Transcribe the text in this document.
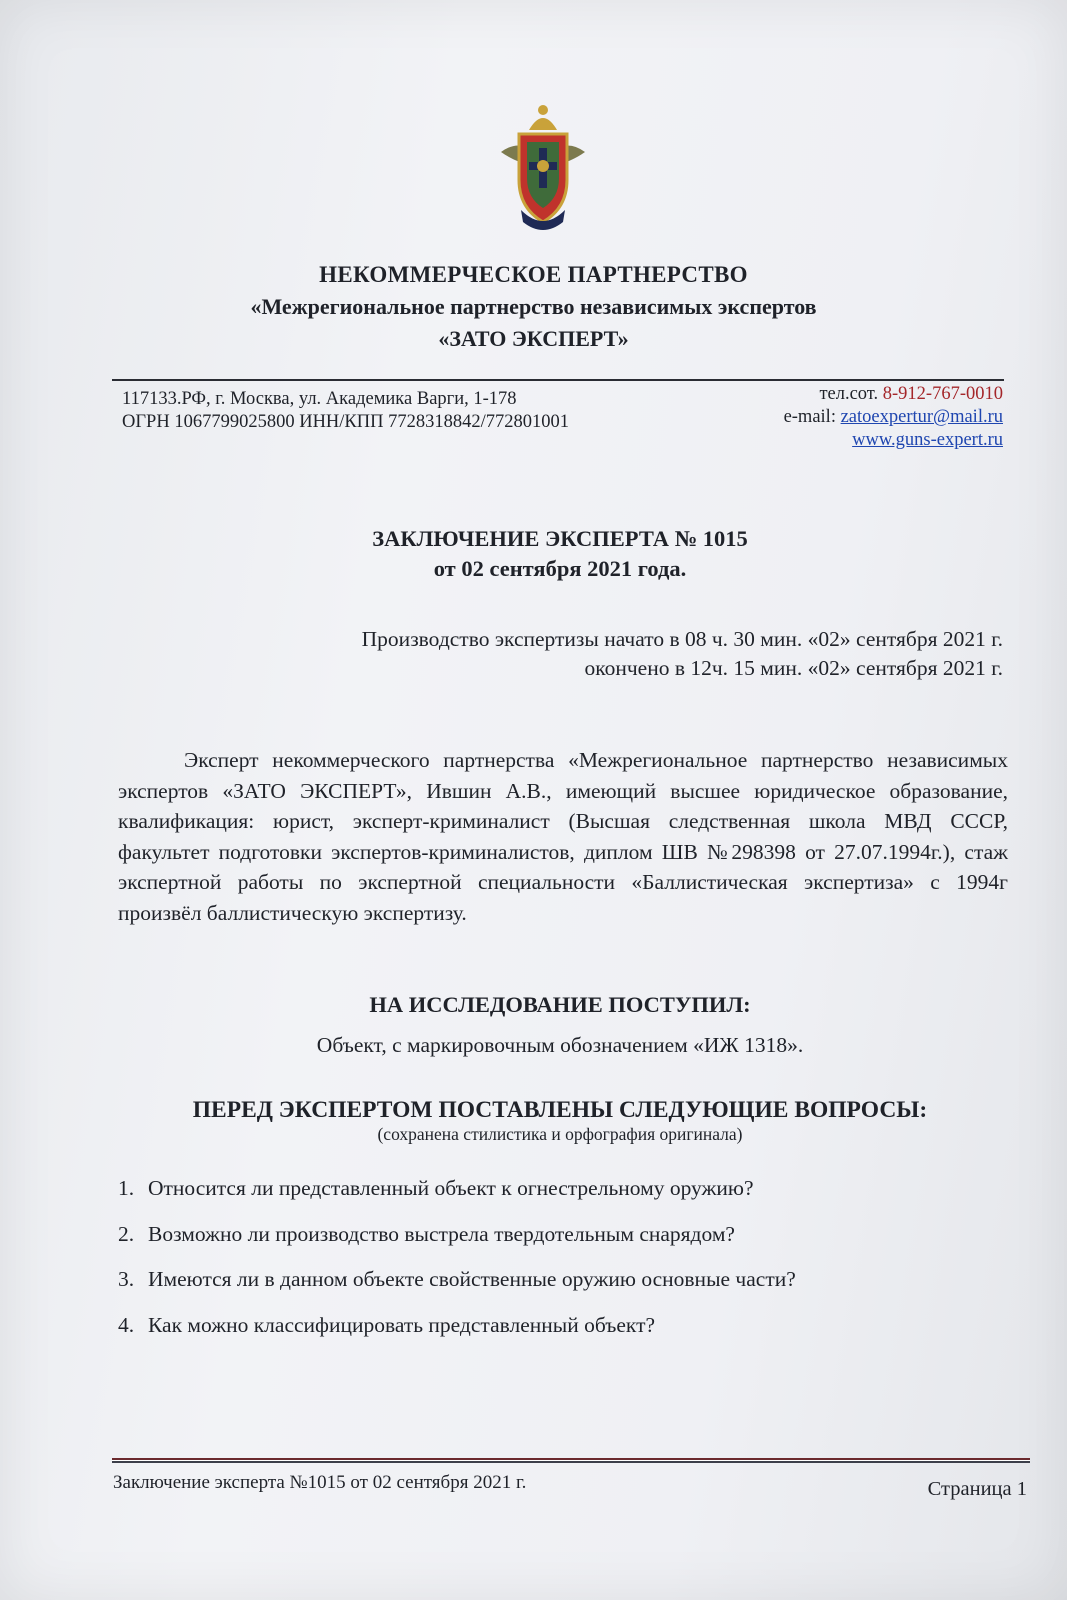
НЕКОММЕРЧЕСКОЕ ПАРТНЕРСТВО
«Межрегиональное партнерство независимых экспертов
«ЗАТО ЭКСПЕРТ»
117133.РФ, г. Москва, ул. Академика Варги, 1-178
ОГРН 1067799025800 ИНН/КПП 7728318842/772801001
тел.сот. 8-912-767-0010
e-mail: zatoexpertur@mail.ru
www.guns-expert.ru
ЗАКЛЮЧЕНИЕ ЭКСПЕРТА № 1015
от 02 сентября 2021 года.
Производство экспертизы начато в 08 ч. 30 мин. «02» сентября 2021 г.
окончено в 12ч. 15 мин. «02» сентября 2021 г.
Эксперт некоммерческого партнерства «Межрегиональное партнерство независимых экспертов «ЗАТО ЭКСПЕРТ», Ившин А.В., имеющий высшее юридическое образование, квалификация: юрист, эксперт-криминалист (Высшая следственная школа МВД СССР, факультет подготовки экспертов-криминалистов, диплом ШВ №298398 от 27.07.1994г.), стаж экспертной работы по экспертной специальности «Баллистическая экспертиза» с 1994г произвёл баллистическую экспертизу.
НА ИССЛЕДОВАНИЕ ПОСТУПИЛ:
Объект, с маркировочным обозначением «ИЖ 1318».
ПЕРЕД ЭКСПЕРТОМ ПОСТАВЛЕНЫ СЛЕДУЮЩИЕ ВОПРОСЫ:
(сохранена стилистика и орфография оригинала)
1. Относится ли представленный объект к огнестрельному оружию?
2. Возможно ли производство выстрела твердотельным снарядом?
3. Имеются ли в данном объекте свойственные оружию основные части?
4. Как можно классифицировать представленный объект?
Заключение эксперта №1015 от 02 сентября 2021 г.	Страница 1
